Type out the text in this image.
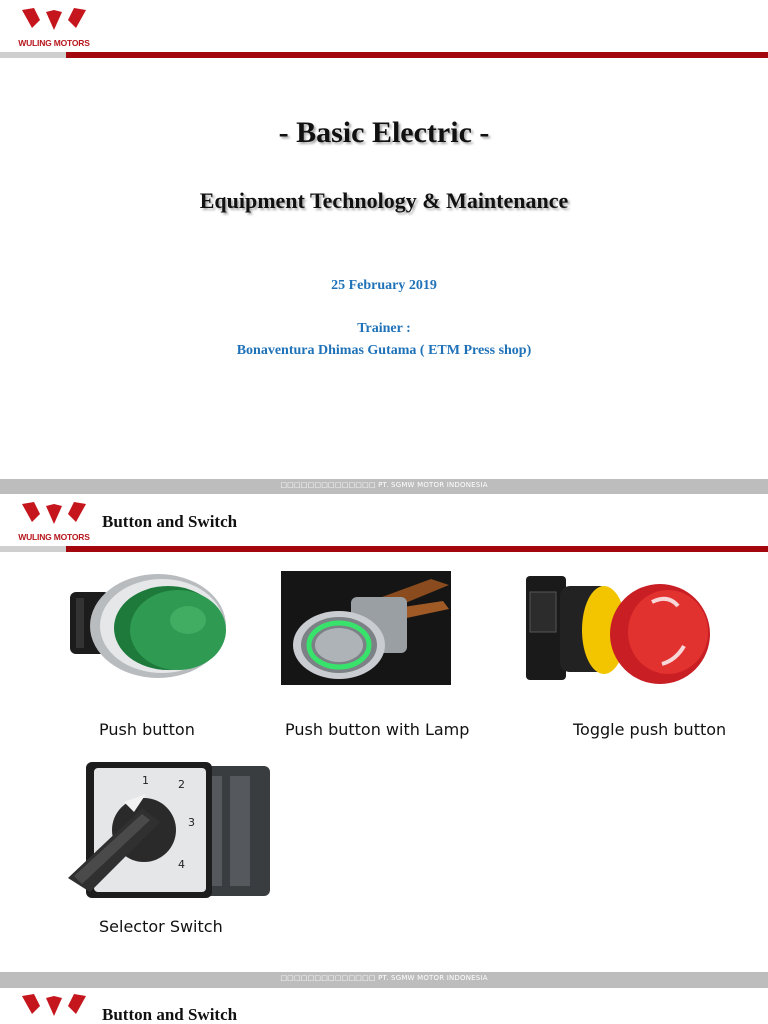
WULING MOTORS
- Basic Electric -
Equipment Technology & Maintenance
25 February 2019
Trainer :
Bonaventura Dhimas Gutama ( ETM Press shop)
□□□□□□□□□□□□□□ PT. SGMW MOTOR INDONESIA
WULING MOTORS
Button and Switch
1	2
3
4
Push button	Push button with Lamp	Toggle push button
Selector Switch
□□□□□□□□□□□□□□ PT. SGMW MOTOR INDONESIA
Button and Switch
